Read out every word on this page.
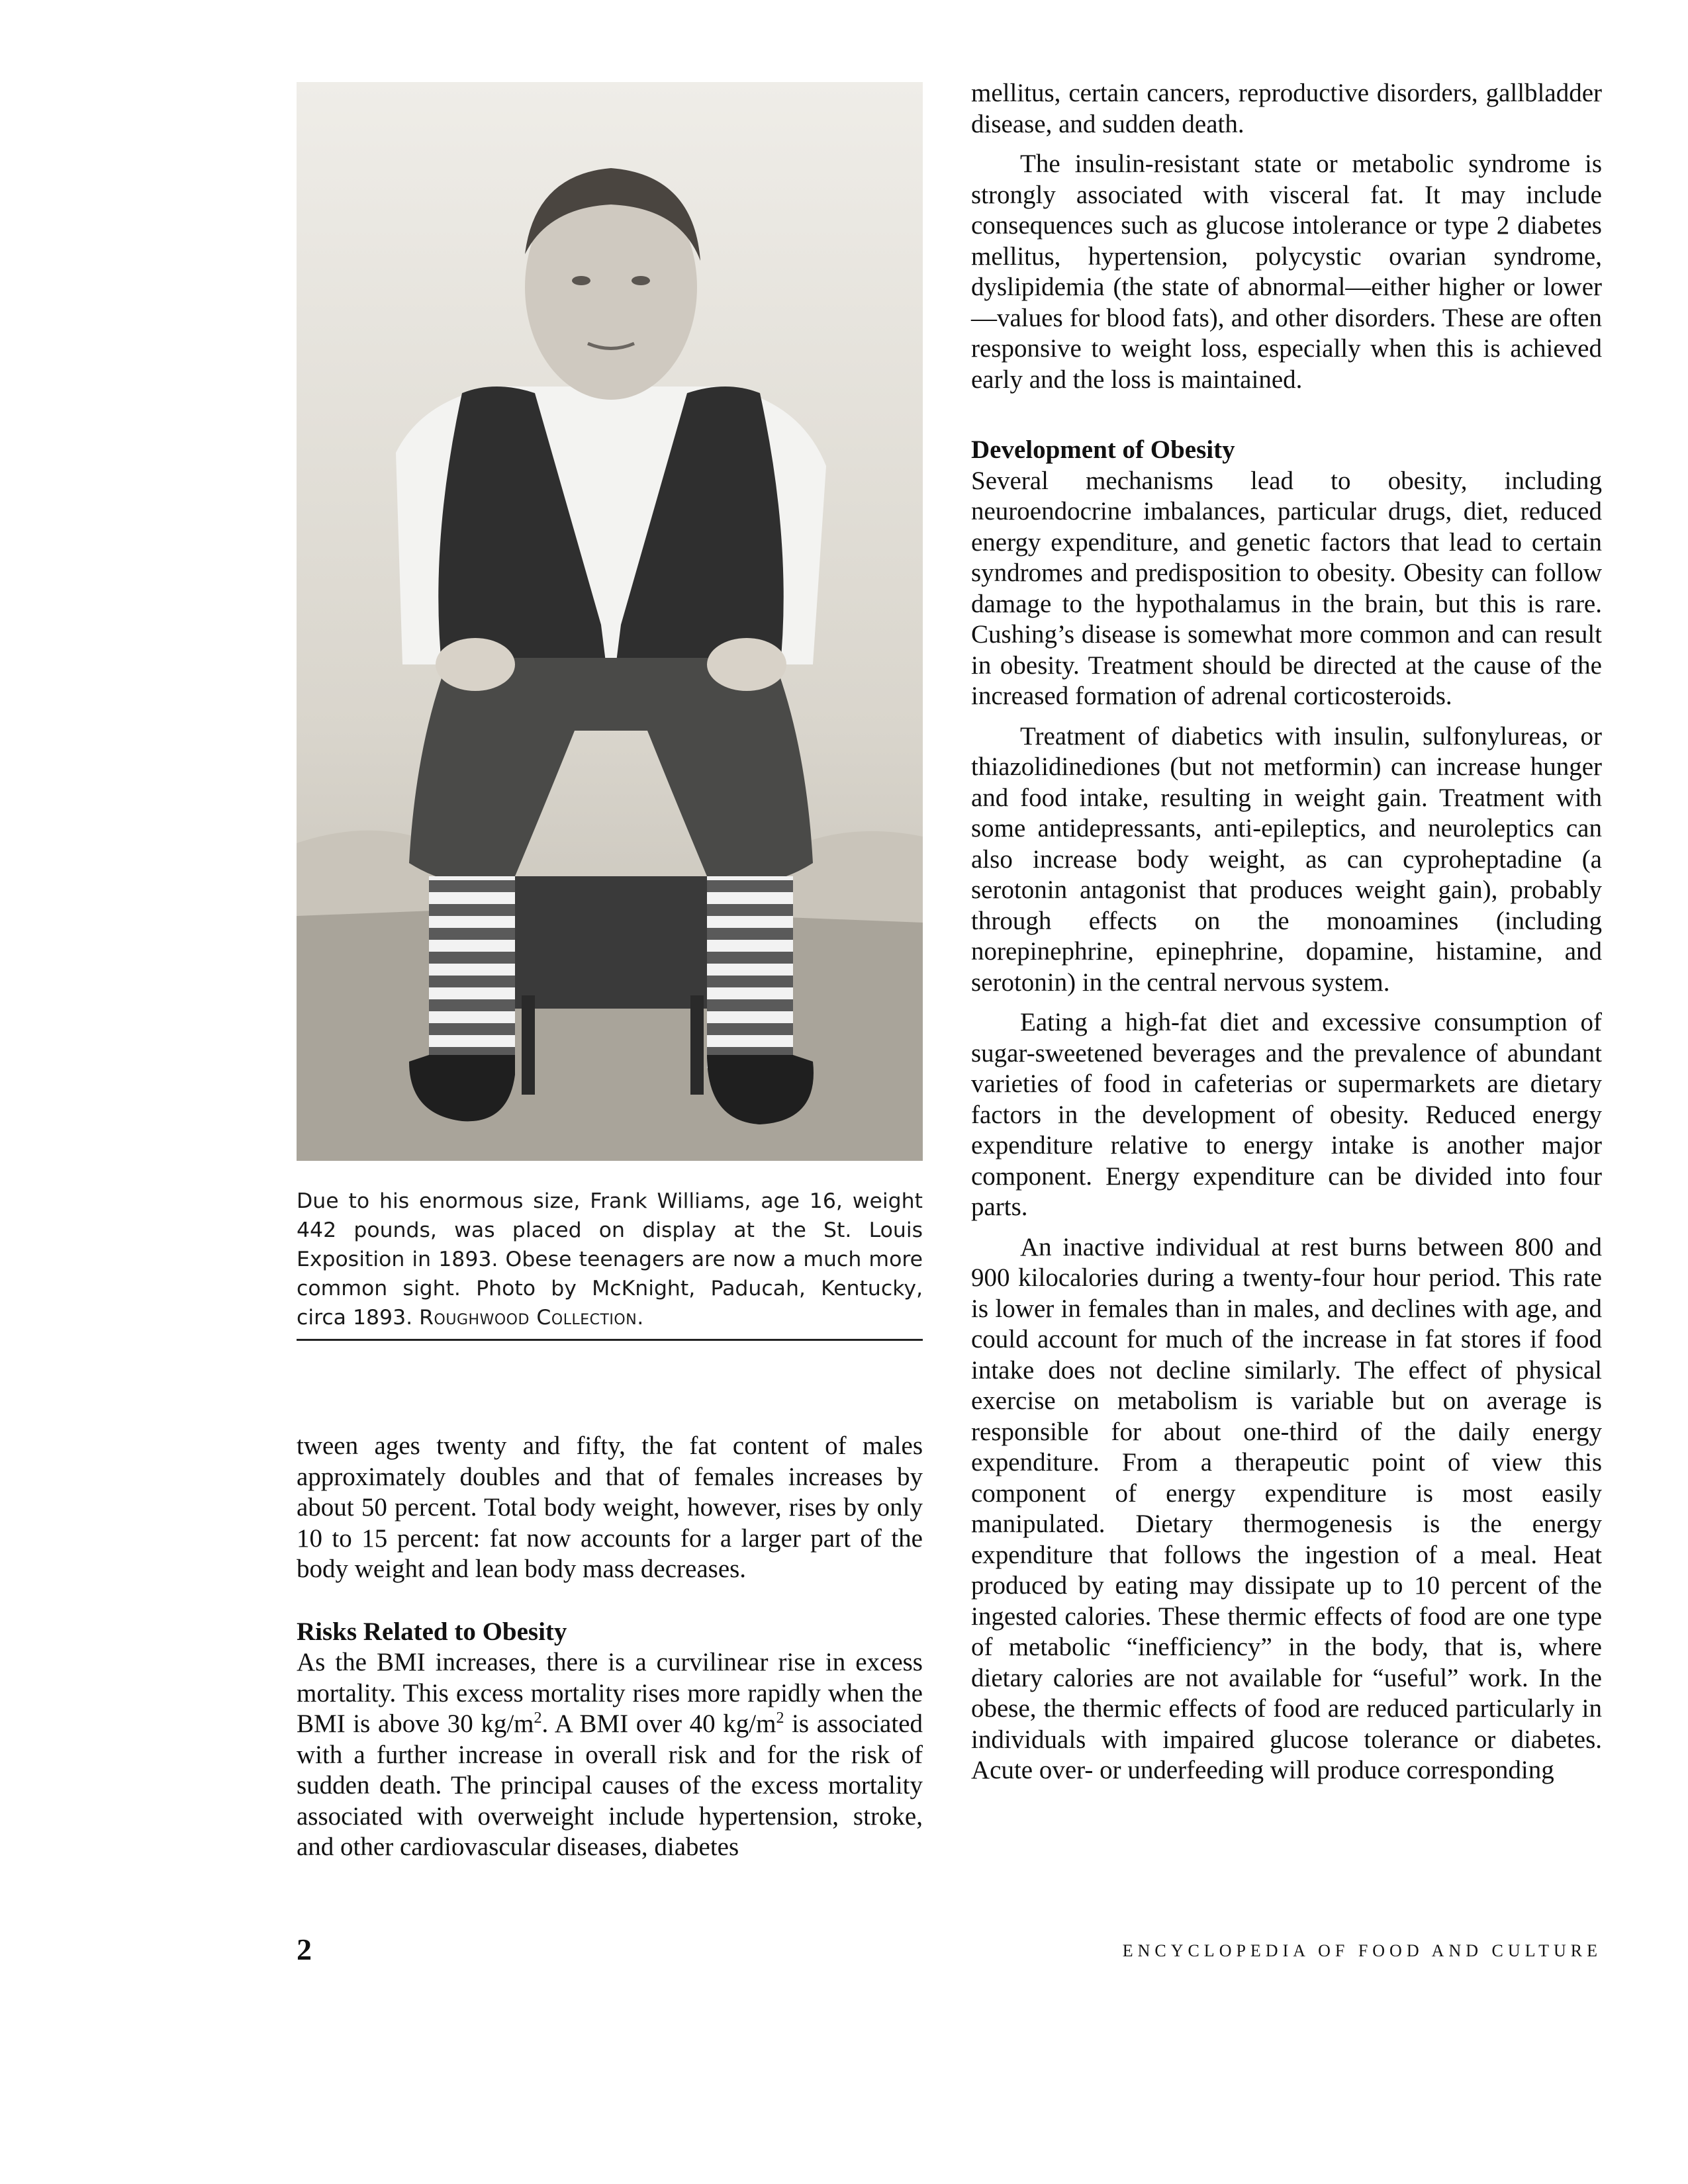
Due to his enormous size, Frank Williams, age 16, weight 442 pounds, was placed on display at the St. Louis Exposition in 1893. Obese teenagers are now a much more common sight. Photo by McKnight, Paducah, Kentucky, circa 1893. Roughwood Collection.

tween ages twenty and fifty, the fat content of males approximately doubles and that of females increases by about 50 percent. Total body weight, however, rises by only 10 to 15 percent: fat now accounts for a larger part of the body weight and lean body mass decreases.

Risks Related to Obesity

As the BMI increases, there is a curvilinear rise in excess mortality. This excess mortality rises more rapidly when the BMI is above 30 $kg/m^2$. A BMI over 40 $kg/m^2$ is associated with a further increase in overall risk and for the risk of sudden death. The principal causes of the excess mortality associated with overweight include hypertension, stroke, and other cardiovascular diseases, diabetes

mellitus, certain cancers, reproductive disorders, gallbladder disease, and sudden death.

The insulin-resistant state or metabolic syndrome is strongly associated with visceral fat. It may include consequences such as glucose intolerance or type 2 diabetes mellitus, hypertension, polycystic ovarian syndrome, dyslipidemia (the state of abnormal—either higher or lower—values for blood fats), and other disorders. These are often responsive to weight loss, especially when this is achieved early and the loss is maintained.

Development of Obesity

Several mechanisms lead to obesity, including neuroendocrine imbalances, particular drugs, diet, reduced energy expenditure, and genetic factors that lead to certain syndromes and predisposition to obesity. Obesity can follow damage to the hypothalamus in the brain, but this is rare. Cushing’s disease is somewhat more common and can result in obesity. Treatment should be directed at the cause of the increased formation of adrenal corticosteroids.

Treatment of diabetics with insulin, sulfonylureas, or thiazolidinediones (but not metformin) can increase hunger and food intake, resulting in weight gain. Treatment with some antidepressants, anti-epileptics, and neuroleptics can also increase body weight, as can cyproheptadine (a serotonin antagonist that produces weight gain), probably through effects on the monoamines (including norepinephrine, epinephrine, dopamine, histamine, and serotonin) in the central nervous system.

Eating a high-fat diet and excessive consumption of sugar-sweetened beverages and the prevalence of abundant varieties of food in cafeterias or supermarkets are dietary factors in the development of obesity. Reduced energy expenditure relative to energy intake is another major component. Energy expenditure can be divided into four parts.

An inactive individual at rest burns between 800 and 900 kilocalories during a twenty-four hour period. This rate is lower in females than in males, and declines with age, and could account for much of the increase in fat stores if food intake does not decline similarly. The effect of physical exercise on metabolism is variable but on average is responsible for about one-third of the daily energy expenditure. From a therapeutic point of view this component of energy expenditure is most easily manipulated. Dietary thermogenesis is the energy expenditure that follows the ingestion of a meal. Heat produced by eating may dissipate up to 10 percent of the ingested calories. These thermic effects of food are one type of metabolic “inefficiency” in the body, that is, where dietary calories are not available for “useful” work. In the obese, the thermic effects of food are reduced particularly in individuals with impaired glucose tolerance or diabetes. Acute over- or underfeeding will produce corresponding

2	ENCYCLOPEDIA OF FOOD AND CULTURE
